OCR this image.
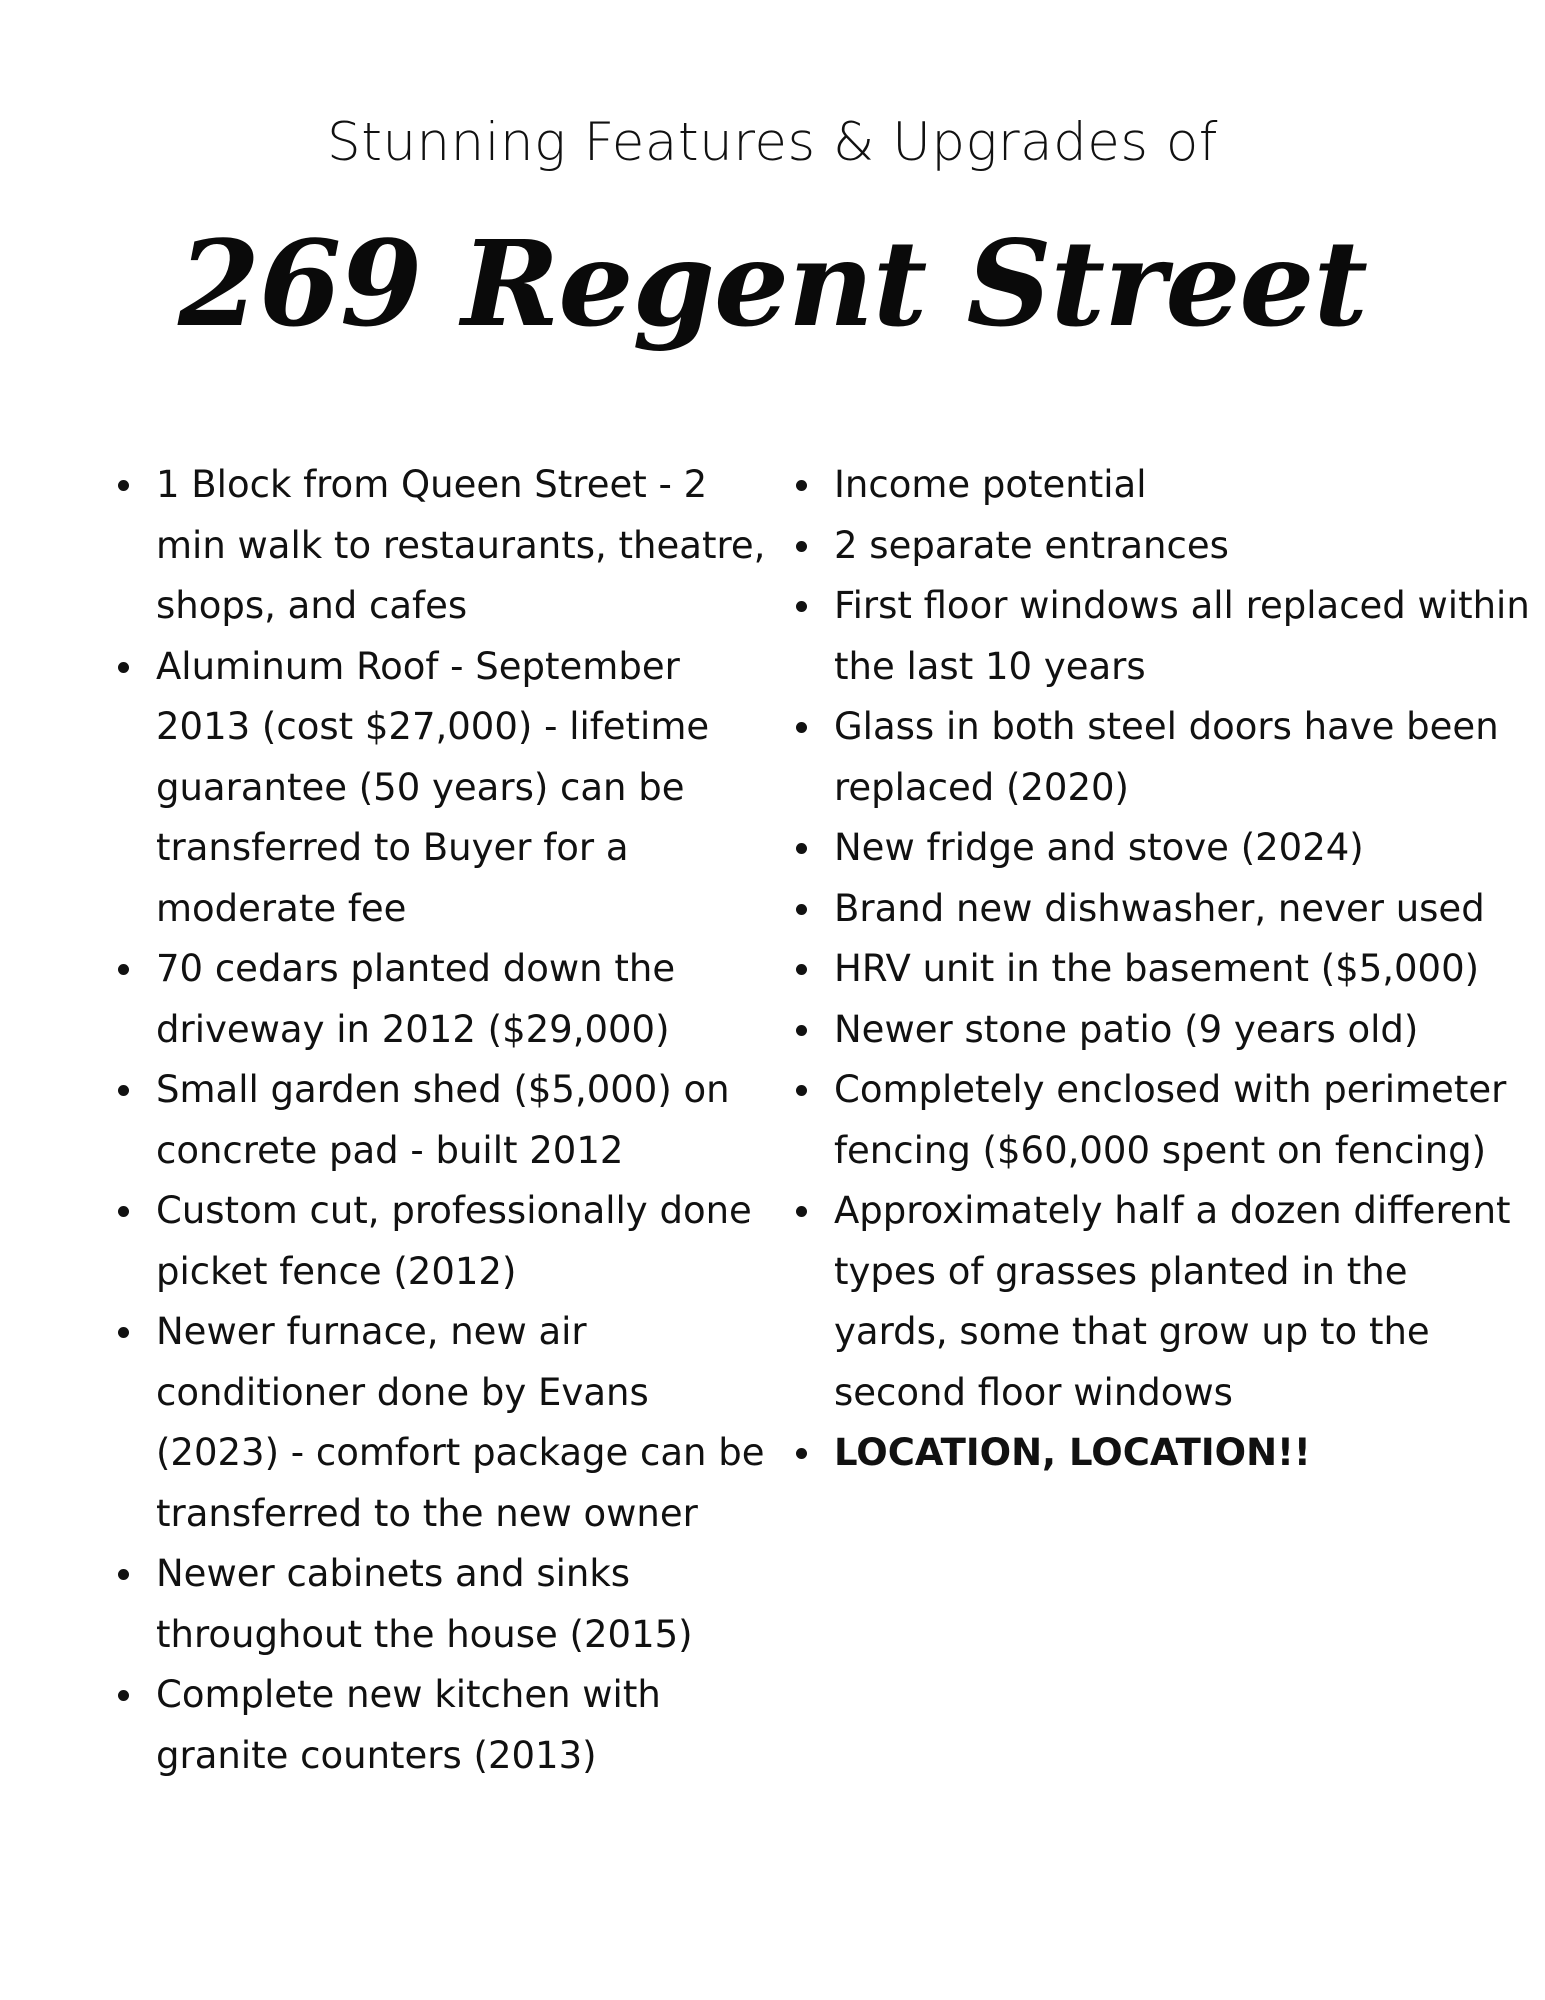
Stunning Features & Upgrades of
269 Regent Street
1 Block from Queen Street - 2 min walk to restaurants, theatre, shops, and cafes
Aluminum Roof - September 2013 (cost $27,000) - lifetime guarantee (50 years) can be transferred to Buyer for a moderate fee
70 cedars planted down the driveway in 2012 ($29,000)
Small garden shed ($5,000) on concrete pad - built 2012
Custom cut, professionally done picket fence (2012)
Newer furnace, new air conditioner done by Evans (2023) - comfort package can be transferred to the new owner
Newer cabinets and sinks throughout the house (2015)
Complete new kitchen with granite counters (2013)
Income potential
2 separate entrances
First floor windows all replaced within the last 10 years
Glass in both steel doors have been replaced (2020)
New fridge and stove (2024)
Brand new dishwasher, never used
HRV unit in the basement ($5,000)
Newer stone patio (9 years old)
Completely enclosed with perimeter fencing ($60,000 spent on fencing)
Approximately half a dozen different types of grasses planted in the yards, some that grow up to the second floor windows
LOCATION, LOCATION!!
